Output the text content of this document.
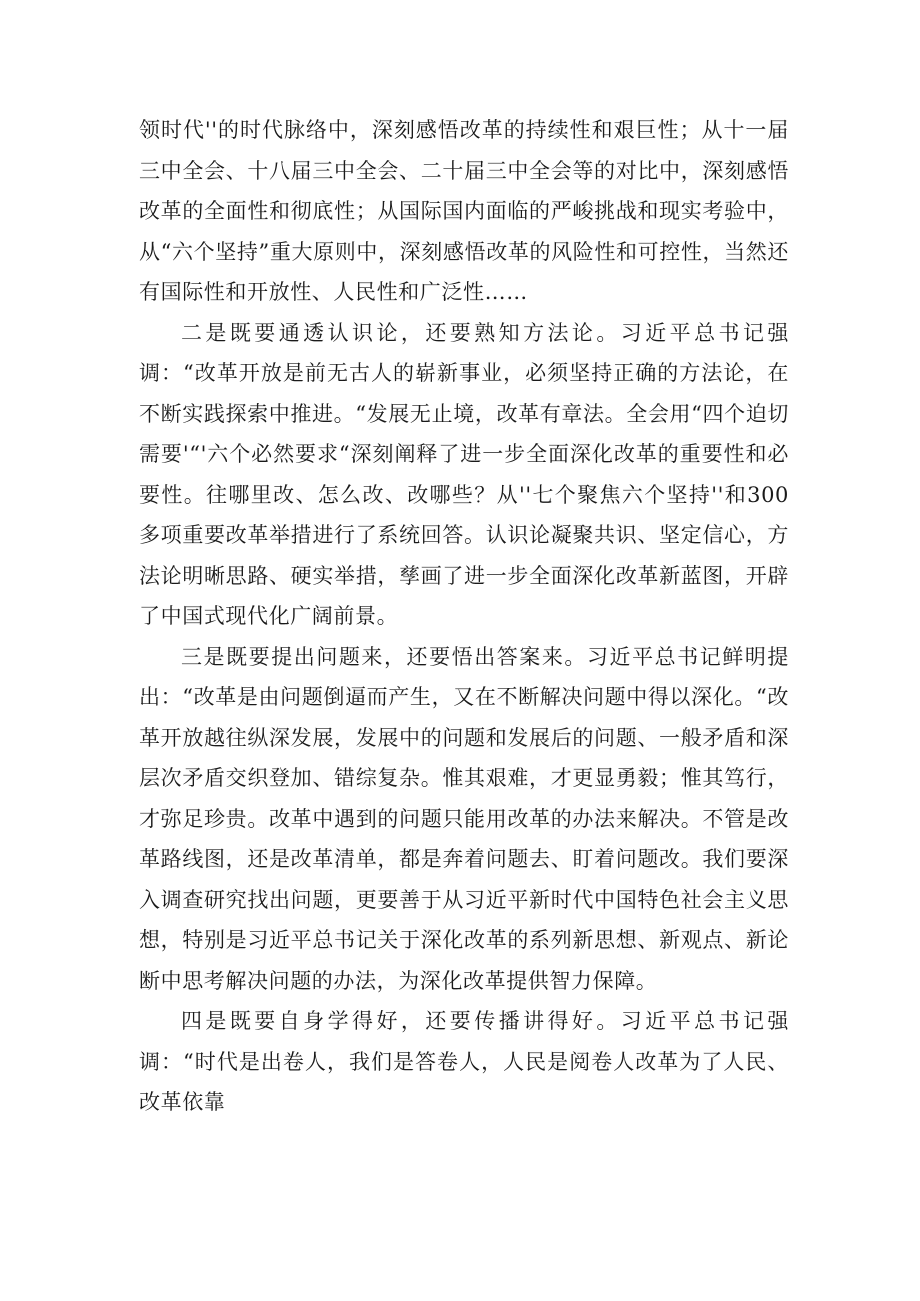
领时代''的时代脉络中，深刻感悟改革的持续性和艰巨性；从十一届三中全会、十八届三中全会、二十届三中全会等的对比中，深刻感悟改革的全面性和彻底性；从国际国内面临的严峻挑战和现实考验中，从“六个坚持”重大原则中，深刻感悟改革的风险性和可控性，当然还有国际性和开放性、人民性和广泛性……

二是既要通透认识论，还要熟知方法论。习近平总书记强调：“改革开放是前无古人的崭新事业，必须坚持正确的方法论，在不断实践探索中推进。“发展无止境，改革有章法。全会用“四个迫切需要'“'六个必然要求“深刻阐释了进一步全面深化改革的重要性和必要性。往哪里改、怎么改、改哪些？从''七个聚焦六个坚持''和300多项重要改革举措进行了系统回答。认识论凝聚共识、坚定信心，方法论明晰思路、硬实举措，孳画了进一步全面深化改革新蓝图，开辟了中国式现代化广阔前景。

三是既要提出问题来，还要悟出答案来。习近平总书记鲜明提出：“改革是由问题倒逼而产生，又在不断解决问题中得以深化。“改革开放越往纵深发展，发展中的问题和发展后的问题、一般矛盾和深层次矛盾交织登加、错综复杂。惟其艰难，才更显勇毅；惟其笃行，才弥足珍贵。改革中遇到的问题只能用改革的办法来解决。不管是改革路线图，还是改革清单，都是奔着问题去、盯着问题改。我们要深入调查研究找出问题，更要善于从习近平新时代中国特色社会主义思想，特别是习近平总书记关于深化改革的系列新思想、新观点、新论断中思考解决问题的办法，为深化改革提供智力保障。

四是既要自身学得好，还要传播讲得好。习近平总书记强调：“时代是出卷人，我们是答卷人，人民是阅卷人改革为了人民、改革依靠
